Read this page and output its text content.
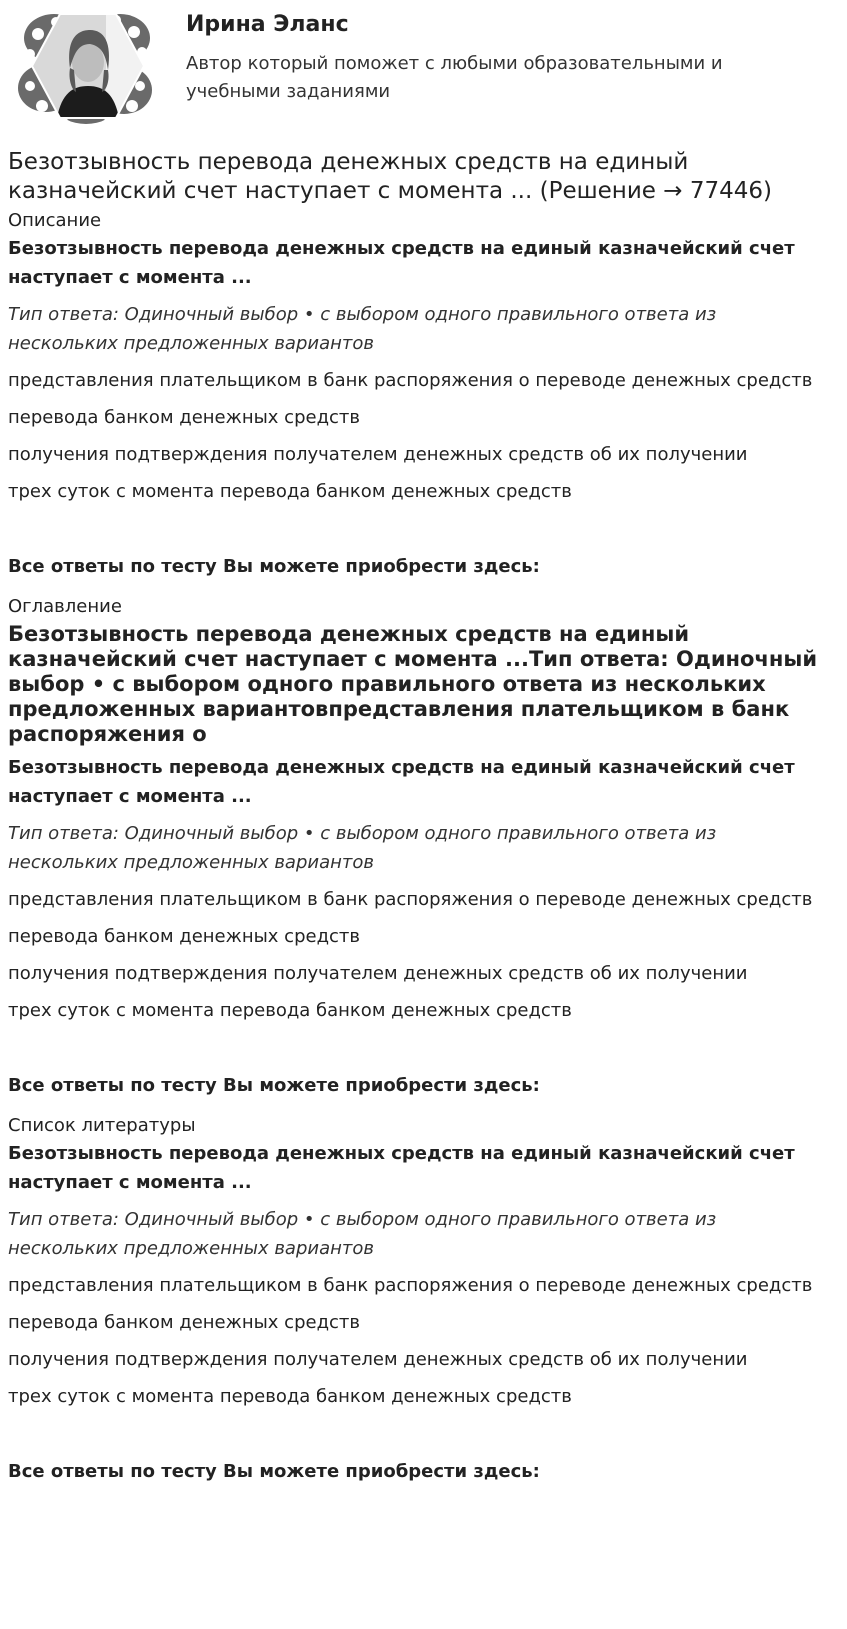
Ирина Эланс
Автор который поможет с любыми образовательными и учебными заданиями
Безотзывность перевода денежных средств на единый казначейский счет наступает с момента ... (Решение → 77446)
Описание
Безотзывность перевода денежных средств на единый казначейский счет наступает с момента ...
Тип ответа: Одиночный выбор • с выбором одного правильного ответа из нескольких предложенных вариантов
представления плательщиком в банк распоряжения о переводе денежных средств
перевода банком денежных средств
получения подтверждения получателем денежных средств об их получении
трех суток с момента перевода банком денежных средств
Все ответы по тесту Вы можете приобрести здесь:
Оглавление
Безотзывность перевода денежных средств на единый казначейский счет наступает с момента ...Тип ответа: Одиночный выбор • с выбором одного правильного ответа из нескольких предложенных вариантовпредставления плательщиком в банк распоряжения о
Безотзывность перевода денежных средств на единый казначейский счет наступает с момента ...
Тип ответа: Одиночный выбор • с выбором одного правильного ответа из нескольких предложенных вариантов
представления плательщиком в банк распоряжения о переводе денежных средств
перевода банком денежных средств
получения подтверждения получателем денежных средств об их получении
трех суток с момента перевода банком денежных средств
Все ответы по тесту Вы можете приобрести здесь:
Список литературы
Безотзывность перевода денежных средств на единый казначейский счет наступает с момента ...
Тип ответа: Одиночный выбор • с выбором одного правильного ответа из нескольких предложенных вариантов
представления плательщиком в банк распоряжения о переводе денежных средств
перевода банком денежных средств
получения подтверждения получателем денежных средств об их получении
трех суток с момента перевода банком денежных средств
Все ответы по тесту Вы можете приобрести здесь:
